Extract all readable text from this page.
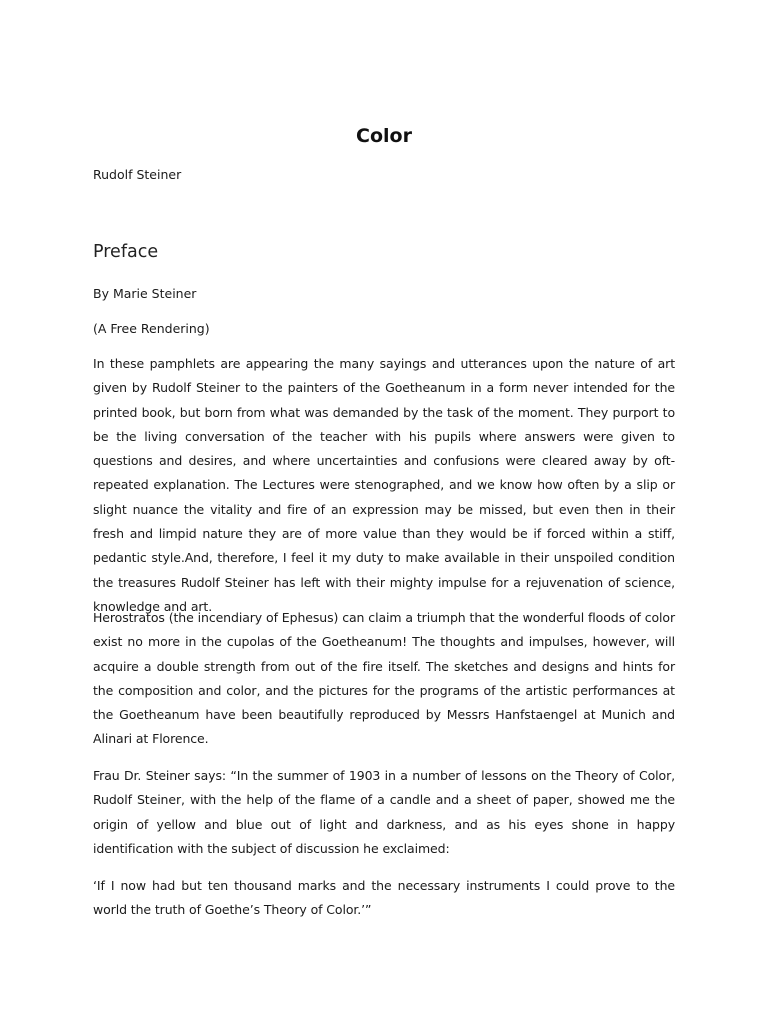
Color

Rudolf Steiner

Preface

By Marie Steiner

(A Free Rendering)

In these pamphlets are appearing the many sayings and utterances upon the nature of art given by Rudolf Steiner to the painters of the Goetheanum in a form never intended for the printed book, but born from what was demanded by the task of the moment. They purport to be the living conversation of the teacher with his pupils where answers were given to questions and desires, and where uncertainties and confusions were cleared away by oft-repeated explanation. The Lectures were stenographed, and we know how often by a slip or slight nuance the vitality and fire of an expression may be missed, but even then in their fresh and limpid nature they are of more value than they would be if forced within a stiff, pedantic style.And, therefore, I feel it my duty to make available in their unspoiled condition the treasures Rudolf Steiner has left with their mighty impulse for a rejuvenation of science, knowledge and art.

Herostratos (the incendiary of Ephesus) can claim a triumph that the wonderful floods of color exist no more in the cupolas of the Goetheanum! The thoughts and impulses, however, will acquire a double strength from out of the fire itself. The sketches and designs and hints for the composition and color, and the pictures for the programs of the artistic performances at the Goetheanum have been beautifully reproduced by Messrs Hanfstaengel at Munich and Alinari at Florence.

Frau Dr. Steiner says: “In the summer of 1903 in a number of lessons on the Theory of Color, Rudolf Steiner, with the help of the flame of a candle and a sheet of paper, showed me the origin of yellow and blue out of light and darkness, and as his eyes shone in happy identification with the subject of discussion he exclaimed:

‘If I now had but ten thousand marks and the necessary instruments I could prove to the world the truth of Goethe’s Theory of Color.’”
